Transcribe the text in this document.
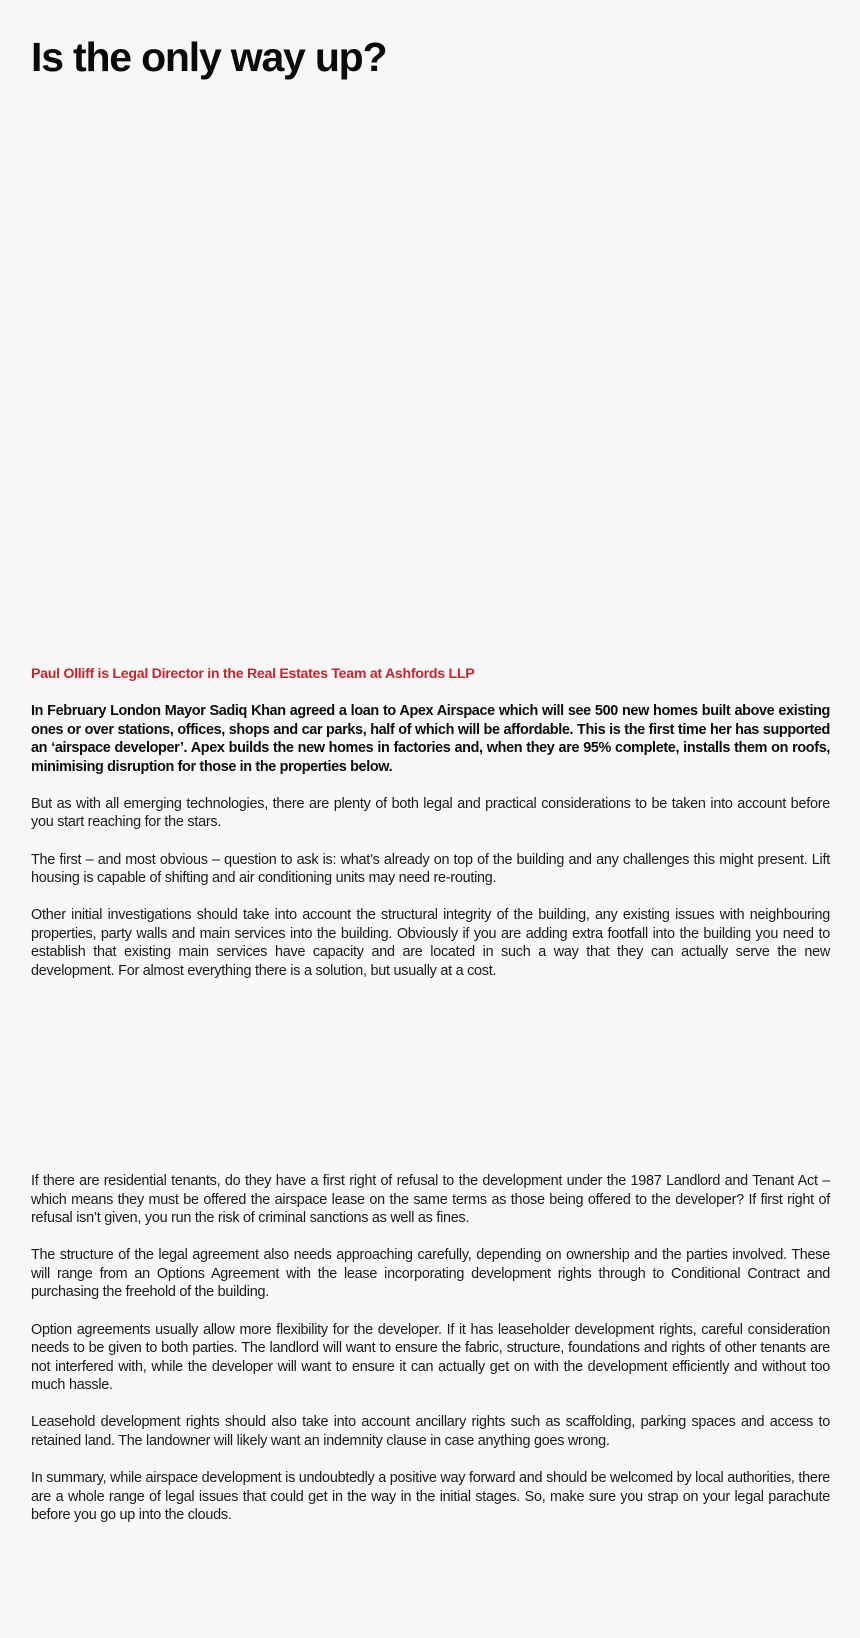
Is the only way up?

Paul Olliff is Legal Director in the Real Estates Team at Ashfords LLP

In February London Mayor Sadiq Khan agreed a loan to Apex Airspace which will see 500 new homes built above existing ones or over stations, offices, shops and car parks, half of which will be affordable. This is the first time her has supported an ‘airspace developer’. Apex builds the new homes in factories and, when they are 95% complete, installs them on roofs, minimising disruption for those in the properties below.

But as with all emerging technologies, there are plenty of both legal and practical considerations to be taken into account before you start reaching for the stars.

The first – and most obvious – question to ask is: what’s already on top of the building and any challenges this might present. Lift housing is capable of shifting and air conditioning units may need re-routing.

Other initial investigations should take into account the structural integrity of the building, any existing issues with neighbouring properties, party walls and main services into the building. Obviously if you are adding extra footfall into the building you need to establish that existing main services have capacity and are located in such a way that they can actually serve the new development. For almost everything there is a solution, but usually at a cost.

If there are residential tenants, do they have a first right of refusal to the development under the 1987 Landlord and Tenant Act – which means they must be offered the airspace lease on the same terms as those being offered to the developer? If first right of refusal isn’t given, you run the risk of criminal sanctions as well as fines.

The structure of the legal agreement also needs approaching carefully, depending on ownership and the parties involved. These will range from an Options Agreement with the lease incorporating development rights through to Conditional Contract and purchasing the freehold of the building.

Option agreements usually allow more flexibility for the developer. If it has leaseholder development rights, careful consideration needs to be given to both parties. The landlord will want to ensure the fabric, structure, foundations and rights of other tenants are not interfered with, while the developer will want to ensure it can actually get on with the development efficiently and without too much hassle.

Leasehold development rights should also take into account ancillary rights such as scaffolding, parking spaces and access to retained land. The landowner will likely want an indemnity clause in case anything goes wrong.

In summary, while airspace development is undoubtedly a positive way forward and should be welcomed by local authorities, there are a whole range of legal issues that could get in the way in the initial stages. So, make sure you strap on your legal parachute before you go up into the clouds.
